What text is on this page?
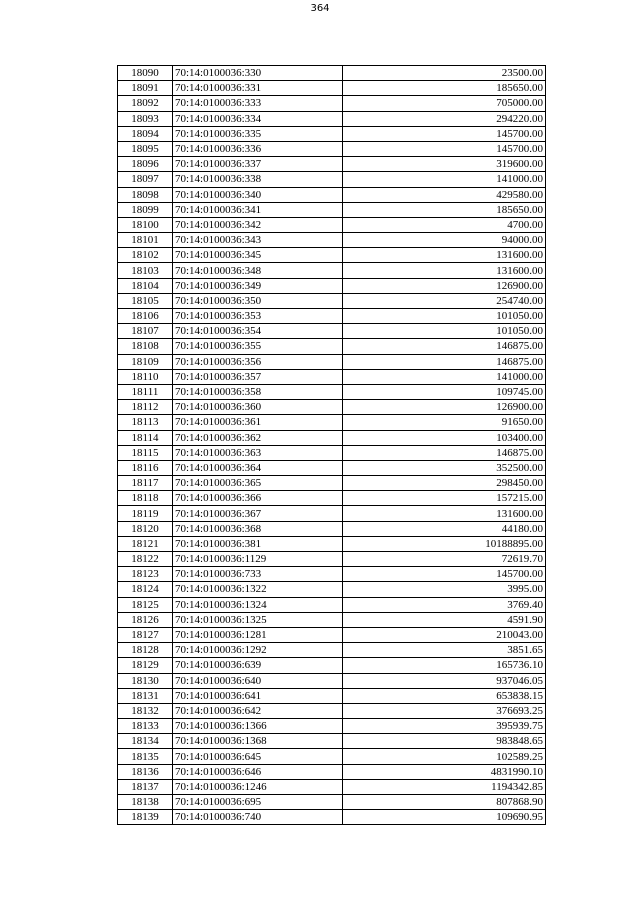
364
18090	70:14:0100036:330	23500.00
18091	70:14:0100036:331	185650.00
18092	70:14:0100036:333	705000.00
18093	70:14:0100036:334	294220.00
18094	70:14:0100036:335	145700.00
18095	70:14:0100036:336	145700.00
18096	70:14:0100036:337	319600.00
18097	70:14:0100036:338	141000.00
18098	70:14:0100036:340	429580.00
18099	70:14:0100036:341	185650.00
18100	70:14:0100036:342	4700.00
18101	70:14:0100036:343	94000.00
18102	70:14:0100036:345	131600.00
18103	70:14:0100036:348	131600.00
18104	70:14:0100036:349	126900.00
18105	70:14:0100036:350	254740.00
18106	70:14:0100036:353	101050.00
18107	70:14:0100036:354	101050.00
18108	70:14:0100036:355	146875.00
18109	70:14:0100036:356	146875.00
18110	70:14:0100036:357	141000.00
18111	70:14:0100036:358	109745.00
18112	70:14:0100036:360	126900.00
18113	70:14:0100036:361	91650.00
18114	70:14:0100036:362	103400.00
18115	70:14:0100036:363	146875.00
18116	70:14:0100036:364	352500.00
18117	70:14:0100036:365	298450.00
18118	70:14:0100036:366	157215.00
18119	70:14:0100036:367	131600.00
18120	70:14:0100036:368	44180.00
18121	70:14:0100036:381	10188895.00
18122	70:14:0100036:1129	72619.70
18123	70:14:0100036:733	145700.00
18124	70:14:0100036:1322	3995.00
18125	70:14:0100036:1324	3769.40
18126	70:14:0100036:1325	4591.90
18127	70:14:0100036:1281	210043.00
18128	70:14:0100036:1292	3851.65
18129	70:14:0100036:639	165736.10
18130	70:14:0100036:640	937046.05
18131	70:14:0100036:641	653838.15
18132	70:14:0100036:642	376693.25
18133	70:14:0100036:1366	395939.75
18134	70:14:0100036:1368	983848.65
18135	70:14:0100036:645	102589.25
18136	70:14:0100036:646	4831990.10
18137	70:14:0100036:1246	1194342.85
18138	70:14:0100036:695	807868.90
18139	70:14:0100036:740	109690.95
